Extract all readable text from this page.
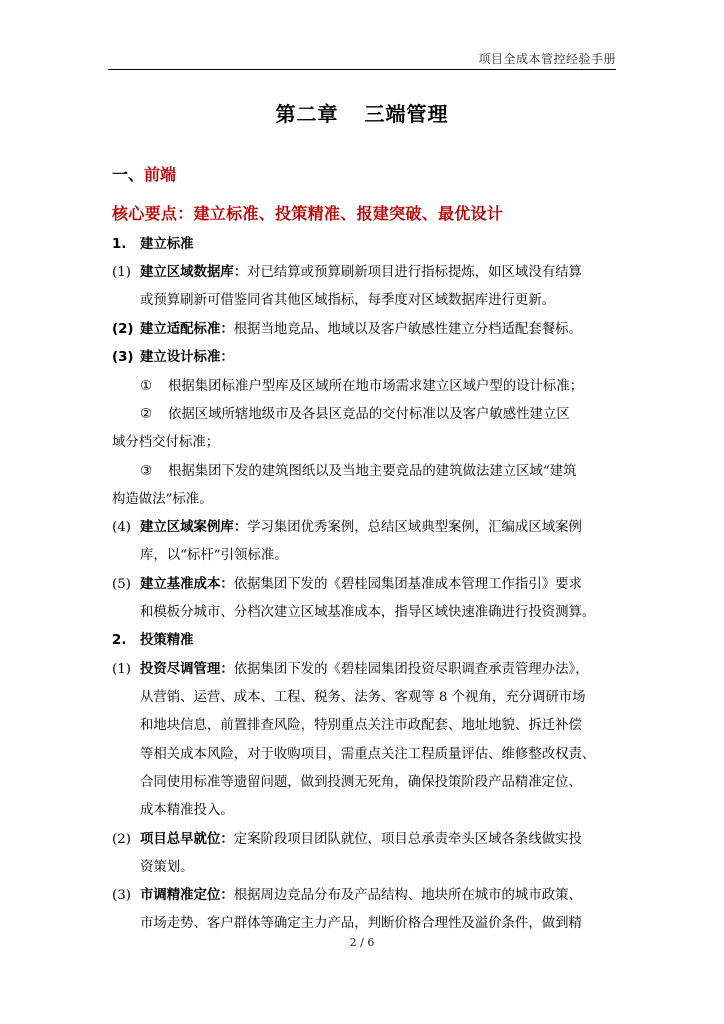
项目全成本管控经验手册
第二章 三端管理
一、前端
核心要点：建立标准、投策精准、报建突破、最优设计
1. 建立标准
(1) 建立区域数据库：对已结算或预算刷新项目进行指标提炼，如区域没有结算
或预算刷新可借鉴同省其他区域指标，每季度对区域数据库进行更新。
(2) 建立适配标准：根据当地竞品、地域以及客户敏感性建立分档适配套餐标。
(3) 建立设计标准：
① 根据集团标准户型库及区域所在地市场需求建立区域户型的设计标准；
② 依据区域所辖地级市及各县区竞品的交付标准以及客户敏感性建立区
域分档交付标准；
③ 根据集团下发的建筑图纸以及当地主要竞品的建筑做法建立区域“建筑
构造做法”标准。
(4) 建立区域案例库：学习集团优秀案例，总结区域典型案例，汇编成区域案例
库，以“标杆”引领标准。
(5) 建立基准成本：依据集团下发的《碧桂园集团基准成本管理工作指引》要求
和模板分城市、分档次建立区域基准成本，指导区域快速准确进行投资测算。
2. 投策精准
(1) 投资尽调管理：依据集团下发的《碧桂园集团投资尽职调查承责管理办法》，
从营销、运营、成本、工程、税务、法务、客观等 8 个视角，充分调研市场
和地块信息，前置排查风险，特别重点关注市政配套、地址地貌、拆迁补偿
等相关成本风险，对于收购项目，需重点关注工程质量评估、维修整改权责、
合同使用标准等遗留问题，做到投测无死角，确保投策阶段产品精准定位、
成本精准投入。
(2) 项目总早就位：定案阶段项目团队就位，项目总承责牵头区域各条线做实投
资策划。
(3) 市调精准定位：根据周边竞品分布及产品结构、地块所在城市的城市政策、
市场走势、客户群体等确定主力产品，判断价格合理性及溢价条件，做到精
2 / 6
